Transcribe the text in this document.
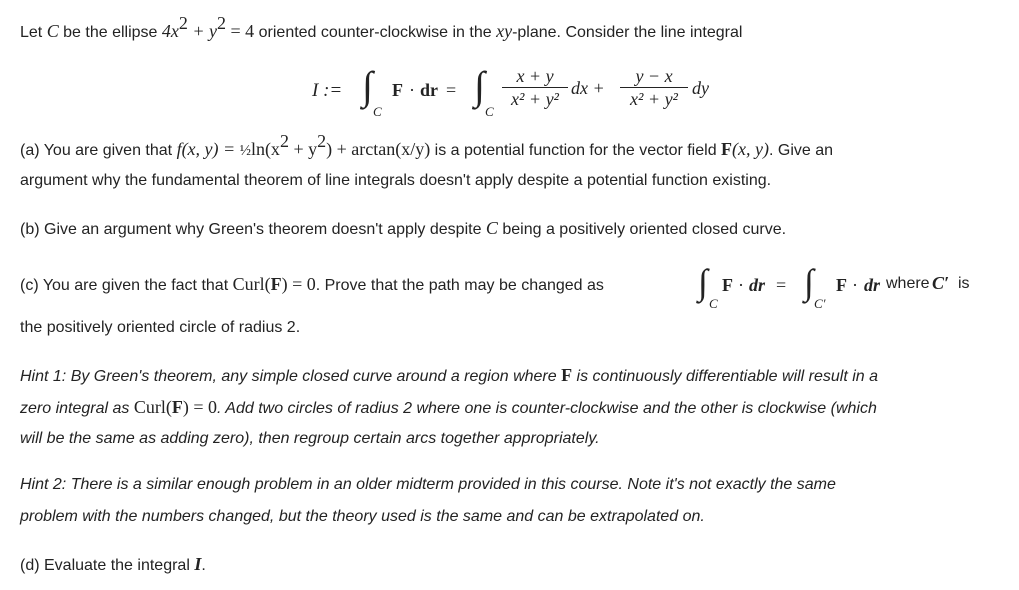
Let C be the ellipse $4x^2 + y^2 = 4$ oriented counter-clockwise in the xy-plane. Consider the line integral

I := ∫
C
F · dr = ∫
C
x + y
x² + y²
dx +
y − x
x² + y²
dy

(a) You are given that f(x, $y) = \frac{1}{2}\ln(x^2 + y^2) + \arctan(x/y)$ is a potential function for the vector field F(x, y). Give an

argument why the fundamental theorem of line integrals doesn't apply despite a potential function existing.

(b) Give an argument why Green's theorem doesn't apply despite C being a positively oriented closed curve.

(c) You are given the fact that Curl(F) = 0. Prove that the path may be changed as	∫
C
F · dr = ∫
C′
F · dr where C′ is

the positively oriented circle of radius 2.

Hint 1: By Green's theorem, any simple closed curve around a region where F is continuously differentiable will result in a

zero integral as Curl(F) = 0. Add two circles of radius 2 where one is counter-clockwise and the other is clockwise (which

will be the same as adding zero), then regroup certain arcs together appropriately.

Hint 2: There is a similar enough problem in an older midterm provided in this course. Note it's not exactly the same

problem with the numbers changed, but the theory used is the same and can be extrapolated on.

(d) Evaluate the integral I.
